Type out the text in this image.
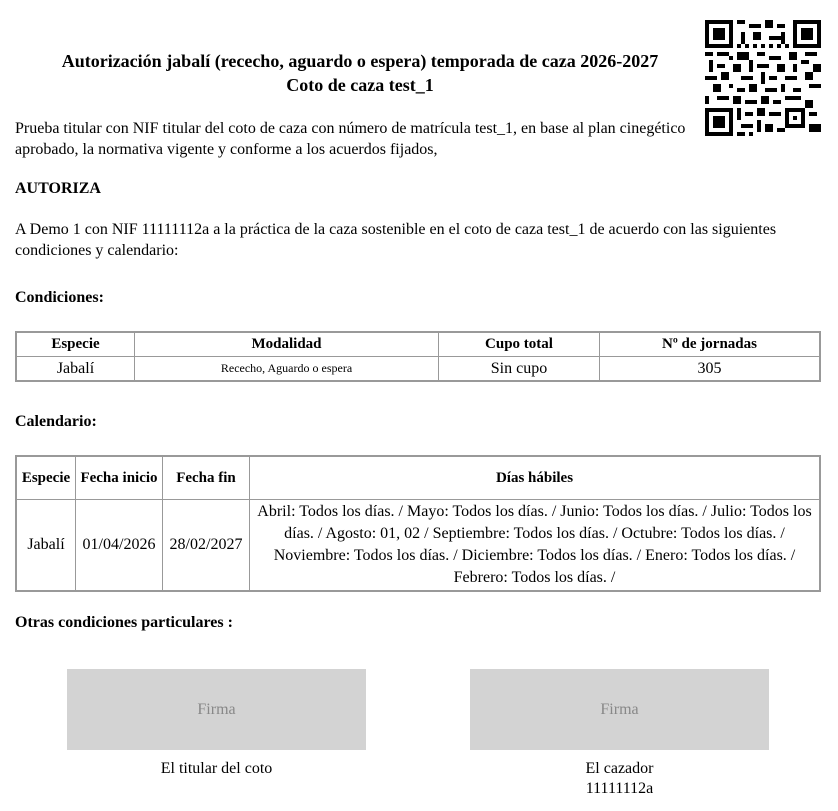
Autorización jabalí (rececho, aguardo o espera) temporada de caza 2026-2027
Coto de caza test_1
Prueba titular con NIF titular del coto de caza con número de matrícula test_1, en base al plan cinegético aprobado, la normativa vigente y conforme a los acuerdos fijados,
AUTORIZA
A Demo 1 con NIF 11111112a a la práctica de la caza sostenible en el coto de caza test_1 de acuerdo con las siguientes condiciones y calendario:
Condiciones:
Especie	Modalidad	Cupo total	Nº de jornadas
Jabalí	Rececho, Aguardo o espera	Sin cupo	305
Calendario:
Especie	Fecha inicio	Fecha fin	Días hábiles
Jabalí	01/04/2026	28/02/2027	Abril: Todos los días. / Mayo: Todos los días. / Junio: Todos los días. / Julio: Todos los días. / Agosto: 01, 02 / Septiembre: Todos los días. / Octubre: Todos los días. / Noviembre: Todos los días. / Diciembre: Todos los días. / Enero: Todos los días. / Febrero: Todos los días. /
Otras condiciones particulares :
Firma	Firma
El titular del coto	El cazador
11111112a
